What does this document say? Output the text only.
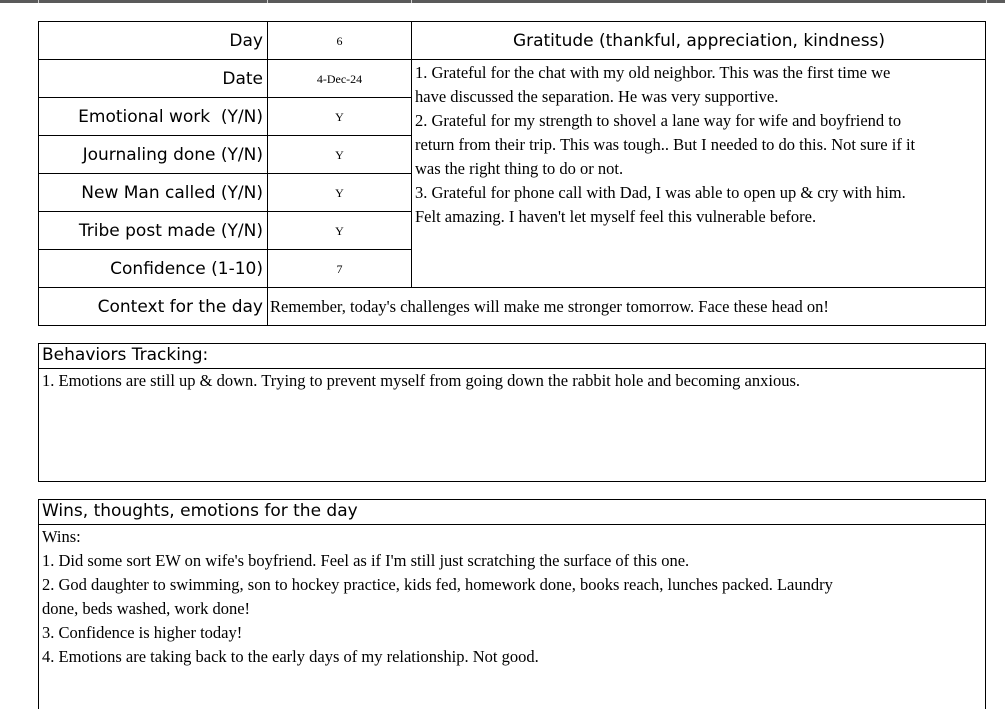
Day	6
Date	4-Dec-24
Emotional work  (Y/N)	Y
Journaling done (Y/N)	Y
New Man called (Y/N)	Y
Tribe post made (Y/N)	Y
Confidence (1-10)	7
Context for the day Remember, today's challenges will make me stronger tomorrow. Face these head on!
Gratitude (thankful, appreciation, kindness)
1. Grateful for the chat with my old neighbor. This was the first time we
have discussed the separation. He was very supportive.
2. Grateful for my strength to shovel a lane way for wife and boyfriend to
return from their trip. This was tough.. But I needed to do this. Not sure if it
was the right thing to do or not.
3. Grateful for phone call with Dad, I was able to open up & cry with him.
Felt amazing. I haven't let myself feel this vulnerable before.
Behaviors Tracking:
1. Emotions are still up & down. Trying to prevent myself from going down the rabbit hole and becoming anxious.
Wins, thoughts, emotions for the day
Wins:
1. Did some sort EW on wife's boyfriend. Feel as if I'm still just scratching the surface of this one.
2. God daughter to swimming, son to hockey practice, kids fed, homework done, books reach, lunches packed. Laundry
done, beds washed, work done!
3. Confidence is higher today!
4. Emotions are taking back to the early days of my relationship. Not good.
